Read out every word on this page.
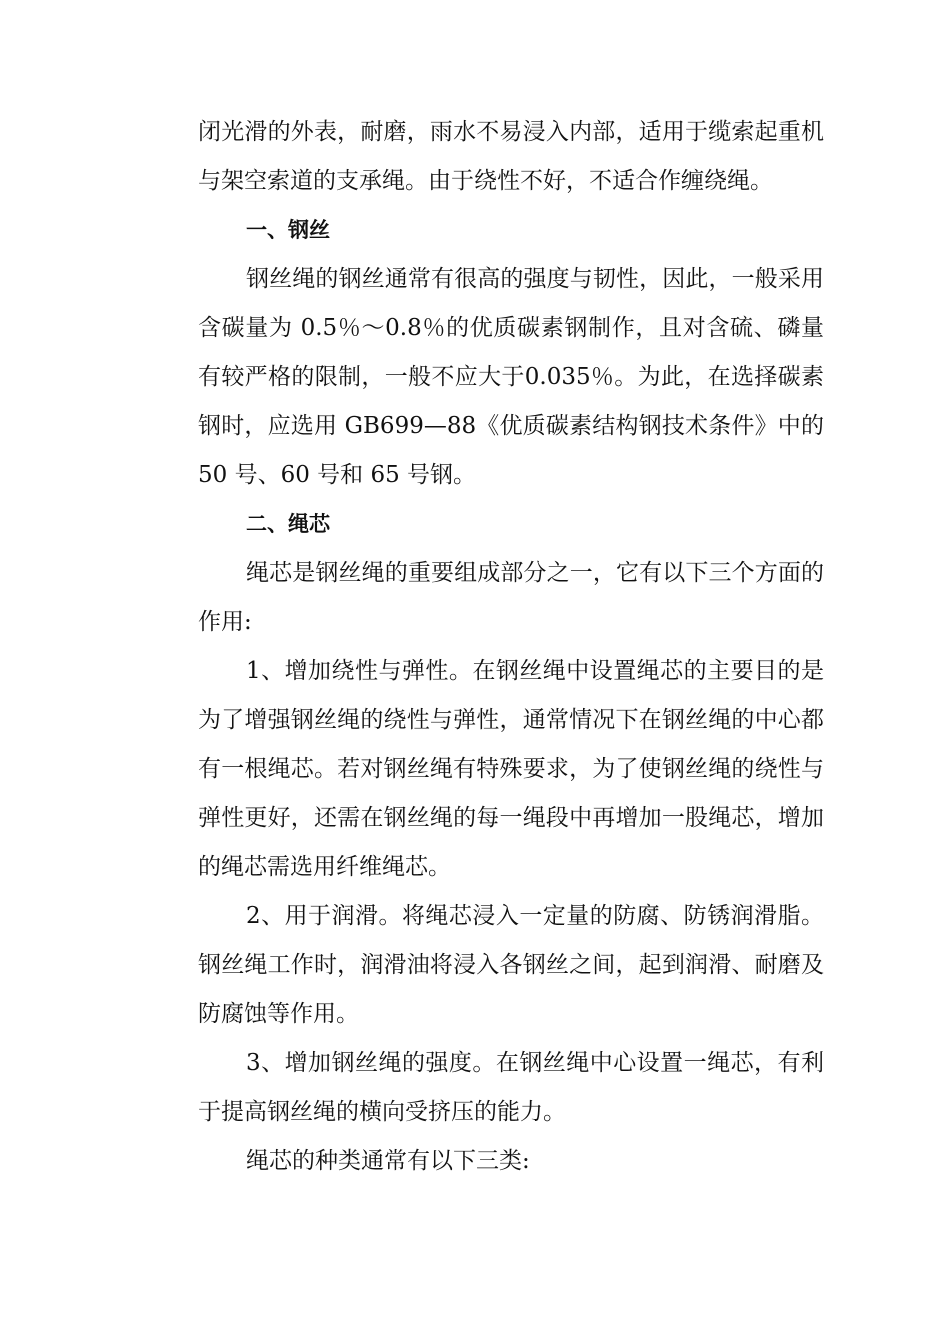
闭光滑的外表，耐磨，雨水不易浸入内部，适用于缆索起重机与架空索道的支承绳。由于绕性不好，不适合作缠绕绳。

一、钢丝

钢丝绳的钢丝通常有很高的强度与韧性，因此，一般采用含碳量为 0.5％～0.8％的优质碳素钢制作，且对含硫、磷量有较严格的限制，一般不应大于0.035％。为此，在选择碳素钢时，应选用 GB699—88《优质碳素结构钢技术条件》中的 50 号、60 号和 65 号钢。

二、绳芯

绳芯是钢丝绳的重要组成部分之一，它有以下三个方面的作用:

1、增加绕性与弹性。在钢丝绳中设置绳芯的主要目的是为了增强钢丝绳的绕性与弹性，通常情况下在钢丝绳的中心都有一根绳芯。若对钢丝绳有特殊要求，为了使钢丝绳的绕性与弹性更好，还需在钢丝绳的每一绳段中再增加一股绳芯，增加的绳芯需选用纤维绳芯。

2、用于润滑。将绳芯浸入一定量的防腐、防锈润滑脂。钢丝绳工作时，润滑油将浸入各钢丝之间，起到润滑、耐磨及防腐蚀等作用。

3、增加钢丝绳的强度。在钢丝绳中心设置一绳芯，有利于提高钢丝绳的横向受挤压的能力。

绳芯的种类通常有以下三类:
